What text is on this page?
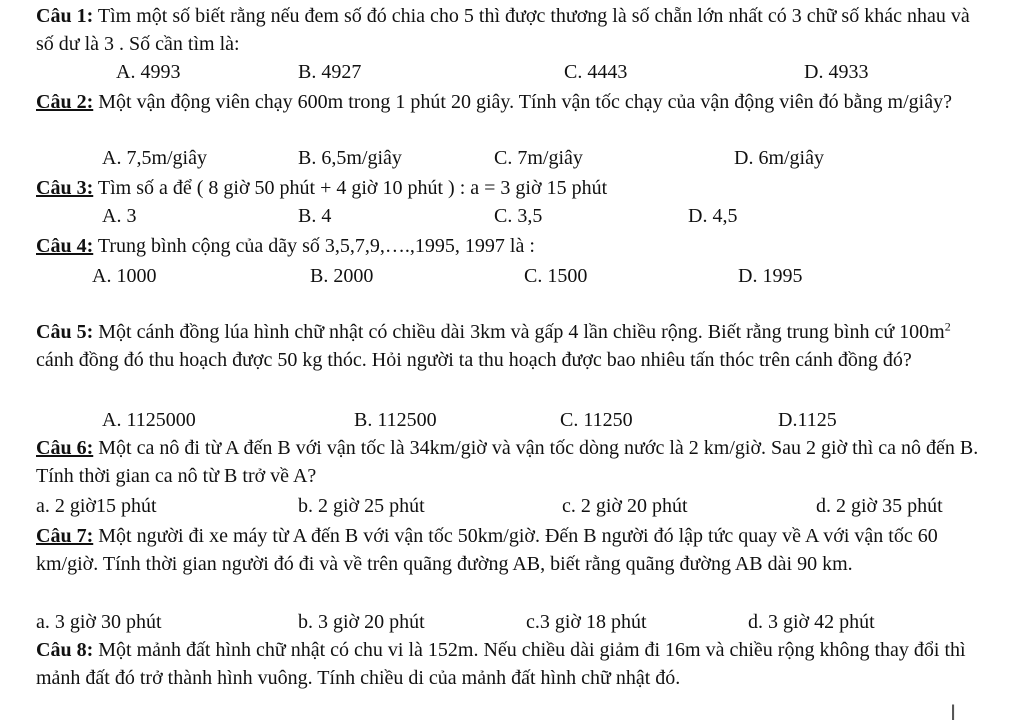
Câu 1: Tìm một số biết rằng nếu đem số đó chia cho 5 thì được thương là số chẵn lớn nhất có 3 chữ số khác nhau và số dư là 3 . Số cần tìm là:
A. 4993	B. 4927	C. 4443	D. 4933
Câu 2: Một vận động viên chạy 600m trong 1 phút 20 giây. Tính vận tốc chạy của vận động viên đó bằng m/giây?
A. 7,5m/giây	B. 6,5m/giây	C. 7m/giây	D. 6m/giây
Câu 3: Tìm số a để ( 8 giờ 50 phút + 4 giờ 10 phút ) : a = 3 giờ 15 phút
A. 3	B. 4	C. 3,5	D. 4,5
Câu 4: Trung bình cộng của dãy số 3,5,7,9,….,1995, 1997 là :
A. 1000	B. 2000	C. 1500	D. 1995
Câu 5: Một cánh đồng lúa hình chữ nhật có chiều dài 3km và gấp 4 lần chiều rộng. Biết rằng trung bình cứ $100m^2$ cánh đồng đó thu hoạch được 50 kg thóc. Hỏi người ta thu hoạch được bao nhiêu tấn thóc trên cánh đồng đó?
A. 1125000	B. 112500	C. 11250	D.1125
Câu 6: Một ca nô đi từ A đến B với vận tốc là 34km/giờ và vận tốc dòng nước là 2 km/giờ. Sau 2 giờ thì ca nô đến B. Tính thời gian ca nô từ B trở về A?
a. 2 giờ15 phút	b. 2 giờ 25 phút	c. 2 giờ 20 phút	d. 2 giờ 35 phút
Câu 7: Một người đi xe máy từ A đến B với vận tốc 50km/giờ. Đến B người đó lập tức quay về A với vận tốc 60 km/giờ. Tính thời gian người đó đi và về trên quãng đường AB, biết rằng quãng đường AB dài 90 km.
a. 3 giờ 30 phút	b. 3 giờ 20 phút	c.3 giờ 18 phút	d. 3 giờ 42 phút
Câu 8: Một mảnh đất hình chữ nhật có chu vi là 152m. Nếu chiều dài giảm đi 16m và chiều rộng không thay đổi thì mảnh đất đó trở thành hình vuông. Tính chiều di của mảnh đất hình chữ nhật đó.
I
